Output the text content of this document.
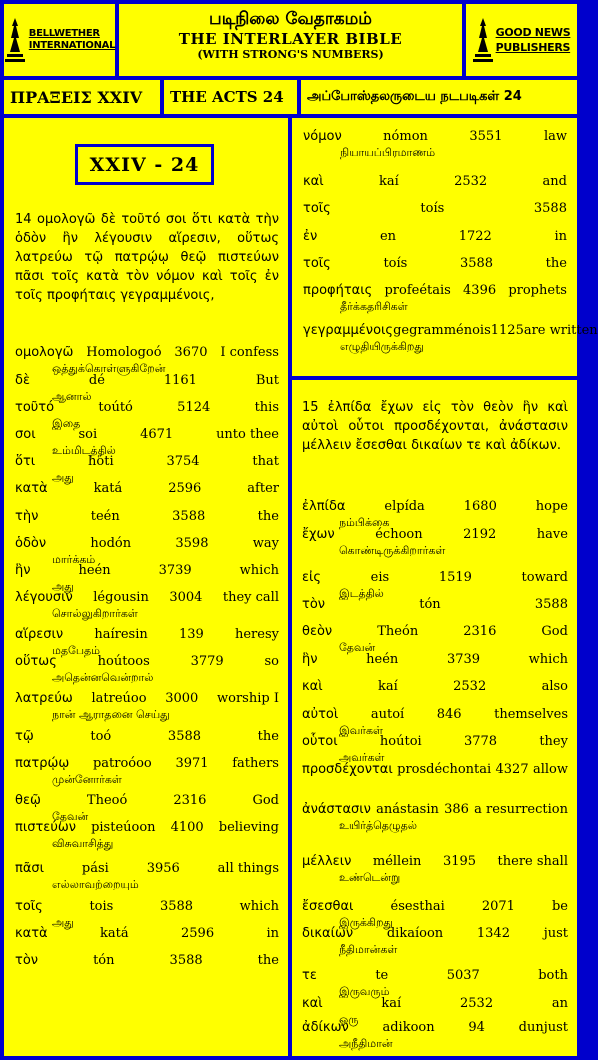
BELLWETHER
INTERNATIONAL
படிநிலை வேதாகமம்
THE INTERLAYER BIBLE
(WITH STRONG'S NUMBERS)
GOOD NEWS
PUBLISHERS
ΠΡΑΞΕΙΣ XXIV THE ACTS 24 அப்போஸ்தலருடைய நடபடிகள் 24
XXIV - 24
14 ομολογῶ δὲ τοῦτό σοι ὅτι κατὰ τὴν ὁδὸν ἣν λέγουσιν αἵρεσιν, οὕτως λατρεύω τῷ πατρῴῳ θεῷ πιστεύων πᾶσι τοῖς κατὰ τὸν νόμον καὶ τοῖς ἐν τοῖς προφήταις γεγραμμένοις,
ομολογῶ Homologoó 3670 I confess
ஒத்துக்கொள்ளுகிறேன்
δὲ	dé	1161	But
ஆனால்
τοῦτό	toútó	5124	this
இதை
σοι	soi	4671	unto thee
உம்மிடத்தில்
ὅτι	hóti	3754	that
அது
κατὰ	katá	2596	after
τὴν	teén	3588	the
ὁδὸν	hodón	3598	way
மார்க்கம்
ἣν	heén	3739	which
அது
λέγουσιν légousin 3004 they call
சொல்லுகிறார்கள்
αἵρεσιν haíresin 139 heresy
மதபேதம்
οὕτως	hoútoos	3779	so
அதென்னவென்றால்
λατρεύω latreúoo 3000 worship I
நான் ஆராதனை செய்து
τῷ	toó	3588	the
πατρῴῳ patroóoo 3971 fathers
முன்னோர்கள்
θεῷ	Theoó	2316	God
தேவன்
πιστεύων pisteúoon 4100 believing
விசுவாசித்து
πᾶσι	pási	3956	all things
எல்லாவற்றையும்
τοῖς	tois	3588	which
அது
κατὰ	katá	2596	in
τὸν	tón	3588	the
νόμον	nómon	3551	law
நியாயப்பிரமாணம்
καὶ	kaí	2532	and
τοῖς	toís	3588
ἐν	en	1722	in
τοῖς	toís	3588	the
προφήταις profeétais 4396 prophets
தீர்க்கதரிசிகள்
γεγραμμένοις gegramménois 1125 are written
எழுதியிருக்கிறது
15 ἐλπίδα ἔχων εἰς τὸν θεὸν ἣν καὶ αὐτοὶ οὗτοι προσδέχονται, ἀνάστασιν μέλλειν ἔσεσθαι δικαίων τε καὶ ἀδίκων.
ἐλπίδα	elpída	1680	hope
நம்பிக்கை
ἔχων	échoon	2192	have
கொண்டிருக்கிறார்கள்
εἰς	eis	1519	toward
இடத்தில்
τὸν	tón	3588
θεὸν	Theón	2316	God
தேவன்
ἣν	heén	3739	which
καὶ	kaí	2532	also
αὐτοὶ	autoí	846	themselves
இவர்கள்
οὗτοι	hoútoi	3778	they
அவர்கள்
προσδέχονται prosdéchontai 4327 allow
ἀνάστασιν anástasin 386 a resurrection
உயிர்த்தெழுதல்
μέλλειν méllein 3195 there shall
உண்டென்று
ἔσεσθαι	ésesthai	2071	be
இருக்கிறது
δικαίων	dikaíoon	1342	just
நீதிமான்கள்
τε	te	5037	both
இருவரும்
καὶ	kaí	2532	an
ஒரு
ἀδίκων	adikoon	94	dunjust
அநீதிமான்
